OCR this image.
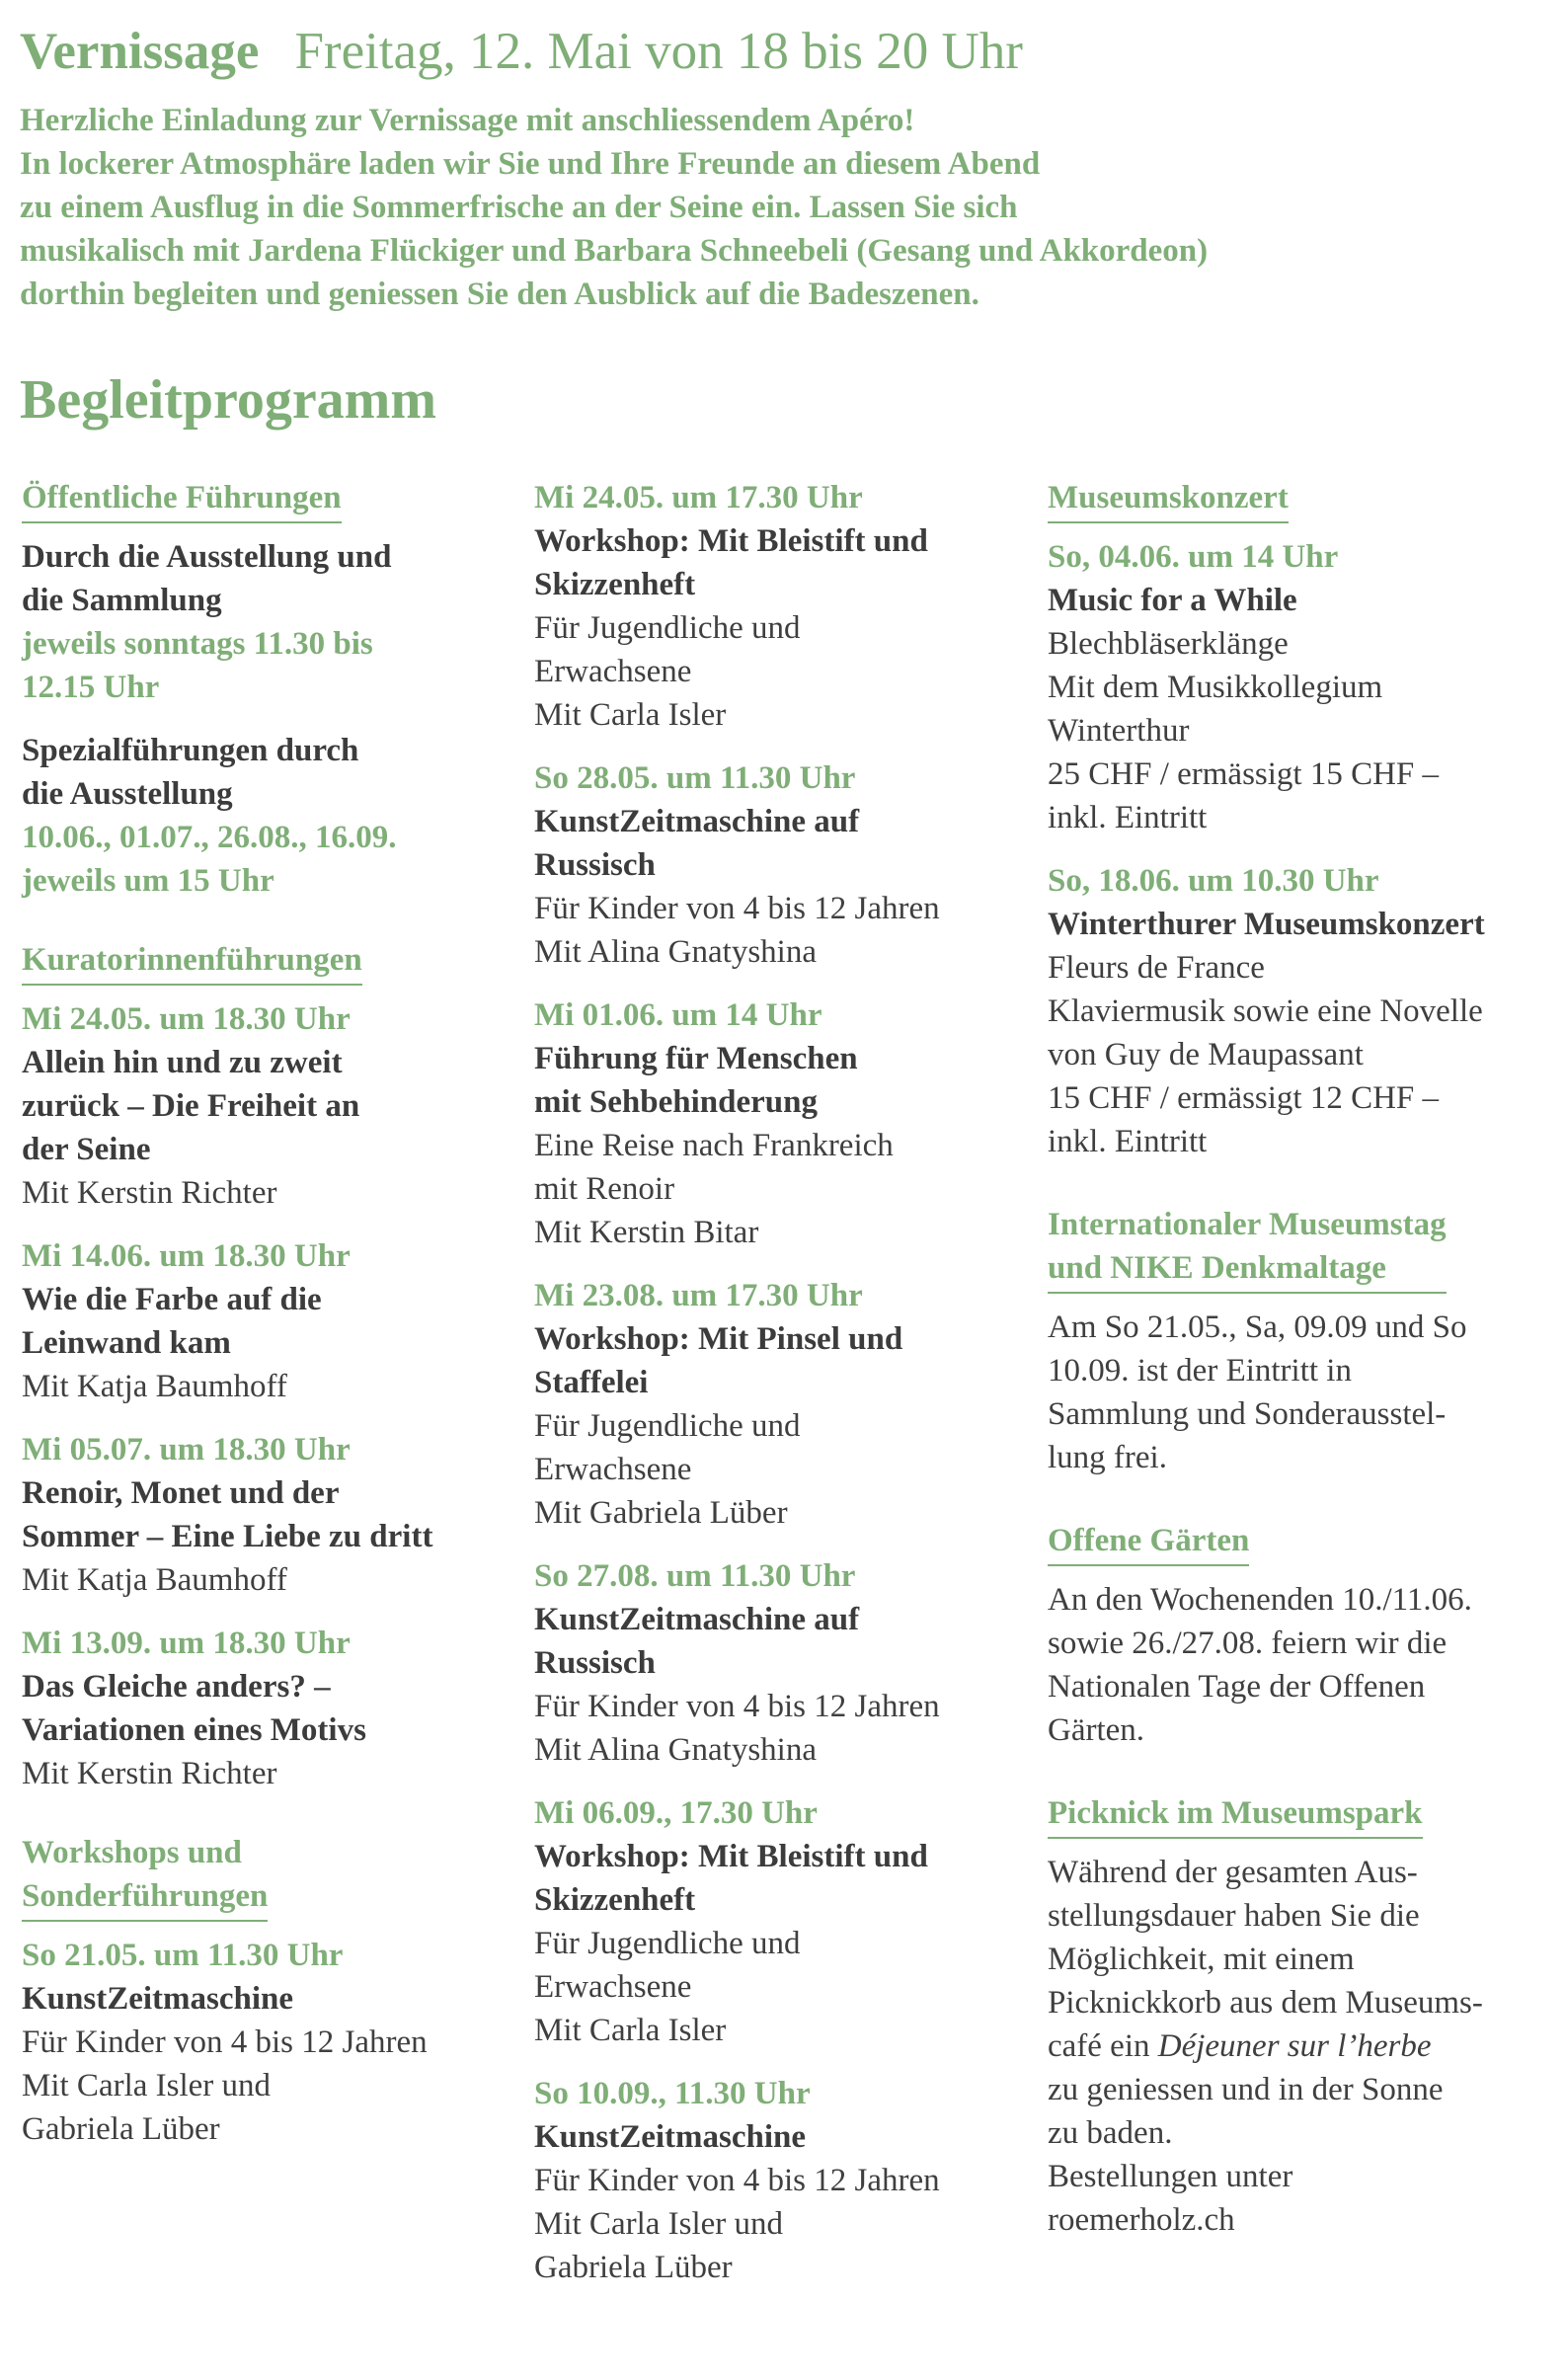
Vernissage Freitag, 12. Mai von 18 bis 20 Uhr
Herzliche Einladung zur Vernissage mit anschliessendem Apéro!
In lockerer Atmosphäre laden wir Sie und Ihre Freunde an diesem Abend
zu einem Ausflug in die Sommerfrische an der Seine ein. Lassen Sie sich
musikalisch mit Jardena Flückiger und Barbara Schneebeli (Gesang und Akkordeon)
dorthin begleiten und geniessen Sie den Ausblick auf die Badeszenen.
Begleitprogramm
Öffentliche Führungen
Durch die Ausstellung und
die Sammlung
jeweils sonntags 11.30 bis
12.15 Uhr
Spezialführungen durch
die Ausstellung
10.06., 01.07., 26.08., 16.09.
jeweils um 15 Uhr
Kuratorinnenführungen
Mi 24.05. um 18.30 Uhr
Allein hin und zu zweit
zurück – Die Freiheit an
der Seine
Mit Kerstin Richter
Mi 14.06. um 18.30 Uhr
Wie die Farbe auf die
Leinwand kam
Mit Katja Baumhoff
Mi 05.07. um 18.30 Uhr
Renoir, Monet und der
Sommer – Eine Liebe zu dritt
Mit Katja Baumhoff
Mi 13.09. um 18.30 Uhr
Das Gleiche anders? –
Variationen eines Motivs
Mit Kerstin Richter
Workshops und
Sonderführungen
So 21.05. um 11.30 Uhr
KunstZeitmaschine
Für Kinder von 4 bis 12 Jahren
Mit Carla Isler und
Gabriela Lüber
Mi 24.05. um 17.30 Uhr
Workshop: Mit Bleistift und
Skizzenheft
Für Jugendliche und
Erwachsene
Mit Carla Isler
So 28.05. um 11.30 Uhr
KunstZeitmaschine auf
Russisch
Für Kinder von 4 bis 12 Jahren
Mit Alina Gnatyshina
Mi 01.06. um 14 Uhr
Führung für Menschen
mit Sehbehinderung
Eine Reise nach Frankreich
mit Renoir
Mit Kerstin Bitar
Mi 23.08. um 17.30 Uhr
Workshop: Mit Pinsel und
Staffelei
Für Jugendliche und
Erwachsene
Mit Gabriela Lüber
So 27.08. um 11.30 Uhr
KunstZeitmaschine auf
Russisch
Für Kinder von 4 bis 12 Jahren
Mit Alina Gnatyshina
Mi 06.09., 17.30 Uhr
Workshop: Mit Bleistift und
Skizzenheft
Für Jugendliche und
Erwachsene
Mit Carla Isler
So 10.09., 11.30 Uhr
KunstZeitmaschine
Für Kinder von 4 bis 12 Jahren
Mit Carla Isler und
Gabriela Lüber
Museumskonzert
So, 04.06. um 14 Uhr
Music for a While
Blechbläserklänge
Mit dem Musikkollegium
Winterthur
25 CHF / ermässigt 15 CHF –
inkl. Eintritt
So, 18.06. um 10.30 Uhr
Winterthurer Museumskonzert
Fleurs de France
Klaviermusik sowie eine Novelle
von Guy de Maupassant
15 CHF / ermässigt 12 CHF –
inkl. Eintritt
Internationaler Museumstag
und NIKE Denkmaltage
Am So 21.05., Sa, 09.09 und So
10.09. ist der Eintritt in
Sammlung und Sonderausstel-
lung frei.
Offene Gärten
An den Wochenenden 10./11.06.
sowie 26./27.08. feiern wir die
Nationalen Tage der Offenen
Gärten.
Picknick im Museumspark
Während der gesamten Aus-
stellungsdauer haben Sie die
Möglichkeit, mit einem
Picknickkorb aus dem Museums-
café ein Déjeuner sur l’herbe
zu geniessen und in der Sonne
zu baden.
Bestellungen unter
roemerholz.ch
